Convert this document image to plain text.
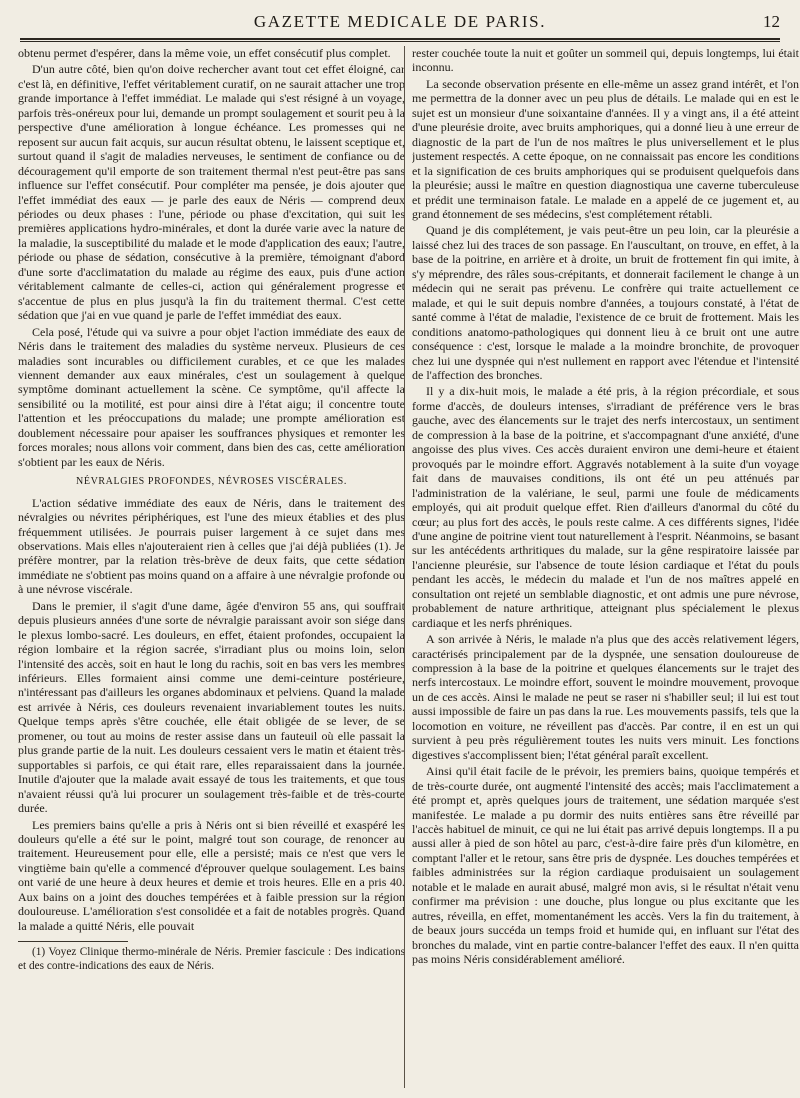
GAZETTE MEDICALE DE PARIS.	12

obtenu permet d'espérer, dans la même voie, un effet consécutif plus complet.

D'un autre côté, bien qu'on doive rechercher avant tout cet effet éloigné, car c'est là, en définitive, l'effet véritablement curatif, on ne saurait attacher une trop grande importance à l'effet immédiat. Le malade qui s'est résigné à un voyage, parfois très-onéreux pour lui, demande un prompt soulagement et sourit peu à la perspective d'une amélioration à longue échéance. Les promesses qui ne reposent sur aucun fait acquis, sur aucun résultat obtenu, le laissent sceptique et, surtout quand il s'agit de maladies nerveuses, le sentiment de confiance ou de découragement qu'il emporte de son traitement thermal n'est peut-être pas sans influence sur l'effet consécutif. Pour compléter ma pensée, je dois ajouter que l'effet immédiat des eaux — je parle des eaux de Néris — comprend deux périodes ou deux phases : l'une, période ou phase d'excitation, qui suit les premières applications hydro-minérales, et dont la durée varie avec la nature de la maladie, la susceptibilité du malade et le mode d'application des eaux; l'autre, période ou phase de sédation, consécutive à la première, témoignant d'abord d'une sorte d'acclimatation du malade au régime des eaux, puis d'une action véritablement calmante de celles-ci, action qui généralement progresse et s'accentue de plus en plus jusqu'à la fin du traitement thermal. C'est cette sédation que j'ai en vue quand je parle de l'effet immédiat des eaux.

Cela posé, l'étude qui va suivre a pour objet l'action immédiate des eaux de Néris dans le traitement des maladies du système nerveux. Plusieurs de ces maladies sont incurables ou difficilement curables, et ce que les malades viennent demander aux eaux minérales, c'est un soulagement à quelque symptôme dominant actuellement la scène. Ce symptôme, qu'il affecte la sensibilité ou la motilité, est pour ainsi dire à l'état aigu; il concentre toute l'attention et les préoccupations du malade; une prompte amélioration est doublement nécessaire pour apaiser les souffrances physiques et remonter les forces morales; nous allons voir comment, dans bien des cas, cette amélioration s'obtient par les eaux de Néris.

NÉVRALGIES PROFONDES, NÉVROSES VISCÉRALES.

L'action sédative immédiate des eaux de Néris, dans le traitement des névralgies ou névrites périphériques, est l'une des mieux établies et des plus fréquemment utilisées. Je pourrais puiser largement à ce sujet dans mes observations. Mais elles n'ajouteraient rien à celles que j'ai déjà publiées (1). Je préfère montrer, par la relation très-brève de deux faits, que cette sédation immédiate ne s'obtient pas moins quand on a affaire à une névralgie profonde ou à une névrose viscérale.

Dans le premier, il s'agit d'une dame, âgée d'environ 55 ans, qui souffrait depuis plusieurs années d'une sorte de névralgie paraissant avoir son siége dans le plexus lombo-sacré. Les douleurs, en effet, étaient profondes, occupaient la région lombaire et la région sacrée, s'irradiant plus ou moins loin, selon l'intensité des accès, soit en haut le long du rachis, soit en bas vers les membres inférieurs. Elles formaient ainsi comme une demi-ceinture postérieure, n'intéressant pas d'ailleurs les organes abdominaux et pelviens. Quand la malade est arrivée à Néris, ces douleurs revenaient invariablement toutes les nuits. Quelque temps après s'être couchée, elle était obligée de se lever, de se promener, ou tout au moins de rester assise dans un fauteuil où elle passait la plus grande partie de la nuit. Les douleurs cessaient vers le matin et étaient très-supportables si parfois, ce qui était rare, elles reparaissaient dans la journée. Inutile d'ajouter que la malade avait essayé de tous les traitements, et que tous n'avaient réussi qu'à lui procurer un soulagement très-faible et de très-courte durée.

Les premiers bains qu'elle a pris à Néris ont si bien réveillé et exaspéré les douleurs qu'elle a été sur le point, malgré tout son courage, de renoncer au traitement. Heureusement pour elle, elle a persisté; mais ce n'est que vers le vingtième bain qu'elle a commencé d'éprouver quelque soulagement. Les bains ont varié de une heure à deux heures et demie et trois heures. Elle en a pris 40. Aux bains on a joint des douches tempérées et à faible pression sur la région douloureuse. L'amélioration s'est consolidée et a fait de notables progrès. Quand la malade a quitté Néris, elle pouvait

(1) Voyez Clinique thermo-minérale de Néris. Premier fascicule : Des indications et des contre-indications des eaux de Néris.

rester couchée toute la nuit et goûter un sommeil qui, depuis longtemps, lui était inconnu.

La seconde observation présente en elle-même un assez grand intérêt, et l'on me permettra de la donner avec un peu plus de détails. Le malade qui en est le sujet est un monsieur d'une soixantaine d'années. Il y a vingt ans, il a été atteint d'une pleurésie droite, avec bruits amphoriques, qui a donné lieu à une erreur de diagnostic de la part de l'un de nos maîtres le plus universellement et le plus justement respectés. A cette époque, on ne connaissait pas encore les conditions et la signification de ces bruits amphoriques qui se produisent quelquefois dans la pleurésie; aussi le maître en question diagnostiqua une caverne tuberculeuse et prédit une terminaison fatale. Le malade en a appelé de ce jugement et, au grand étonnement de ses médecins, s'est complétement rétabli.

Quand je dis complétement, je vais peut-être un peu loin, car la pleurésie a laissé chez lui des traces de son passage. En l'auscultant, on trouve, en effet, à la base de la poitrine, en arrière et à droite, un bruit de frottement fin qui imite, à s'y méprendre, des râles sous-crépitants, et donnerait facilement le change à un médecin qui ne serait pas prévenu. Le confrère qui traite actuellement ce malade, et qui le suit depuis nombre d'années, a toujours constaté, à l'état de santé comme à l'état de maladie, l'existence de ce bruit de frottement. Mais les conditions anatomo-pathologiques qui donnent lieu à ce bruit ont une autre conséquence : c'est, lorsque le malade a la moindre bronchite, de provoquer chez lui une dyspnée qui n'est nullement en rapport avec l'étendue et l'intensité de l'affection des bronches.

Il y a dix-huit mois, le malade a été pris, à la région précordiale, et sous forme d'accès, de douleurs intenses, s'irradiant de préférence vers le bras gauche, avec des élancements sur le trajet des nerfs intercostaux, un sentiment de compression à la base de la poitrine, et s'accompagnant d'une anxiété, d'une angoisse des plus vives. Ces accès duraient environ une demi-heure et étaient provoqués par le moindre effort. Aggravés notablement à la suite d'un voyage fait dans de mauvaises conditions, ils ont été un peu atténués par l'administration de la valériane, le seul, parmi une foule de médicaments employés, qui ait produit quelque effet. Rien d'ailleurs d'anormal du côté du cœur; au plus fort des accès, le pouls reste calme. A ces différents signes, l'idée d'une angine de poitrine vient tout naturellement à l'esprit. Néanmoins, se basant sur les antécédents arthritiques du malade, sur la gêne respiratoire laissée par l'ancienne pleurésie, sur l'absence de toute lésion cardiaque et l'état du pouls pendant les accès, le médecin du malade et l'un de nos maîtres appelé en consultation ont rejeté un semblable diagnostic, et ont admis une pure névrose, probablement de nature arthritique, atteignant plus spécialement le plexus cardiaque et les nerfs phréniques.

A son arrivée à Néris, le malade n'a plus que des accès relativement légers, caractérisés principalement par de la dyspnée, une sensation douloureuse de compression à la base de la poitrine et quelques élancements sur le trajet des nerfs intercostaux. Le moindre effort, souvent le moindre mouvement, provoque un de ces accès. Ainsi le malade ne peut se raser ni s'habiller seul; il lui est tout aussi impossible de faire un pas dans la rue. Les mouvements passifs, tels que la locomotion en voiture, ne réveillent pas d'accès. Par contre, il en est un qui survient à peu près régulièrement toutes les nuits vers minuit. Les fonctions digestives s'accomplissent bien; l'état général paraît excellent.

Ainsi qu'il était facile de le prévoir, les premiers bains, quoique tempérés et de très-courte durée, ont augmenté l'intensité des accès; mais l'acclimatement a été prompt et, après quelques jours de traitement, une sédation marquée s'est manifestée. Le malade a pu dormir des nuits entières sans être réveillé par l'accès habituel de minuit, ce qui ne lui était pas arrivé depuis longtemps. Il a pu aussi aller à pied de son hôtel au parc, c'est-à-dire faire près d'un kilomètre, en comptant l'aller et le retour, sans être pris de dyspnée. Les douches tempérées et faibles administrées sur la région cardiaque produisaient un soulagement notable et le malade en aurait abusé, malgré mon avis, si le résultat n'était venu confirmer ma prévision : une douche, plus longue ou plus excitante que les autres, réveilla, en effet, momentanément les accès. Vers la fin du traitement, à de beaux jours succéda un temps froid et humide qui, en influant sur l'état des bronches du malade, vint en partie contre-balancer l'effet des eaux. Il n'en quitta pas moins Néris considérablement amélioré.
